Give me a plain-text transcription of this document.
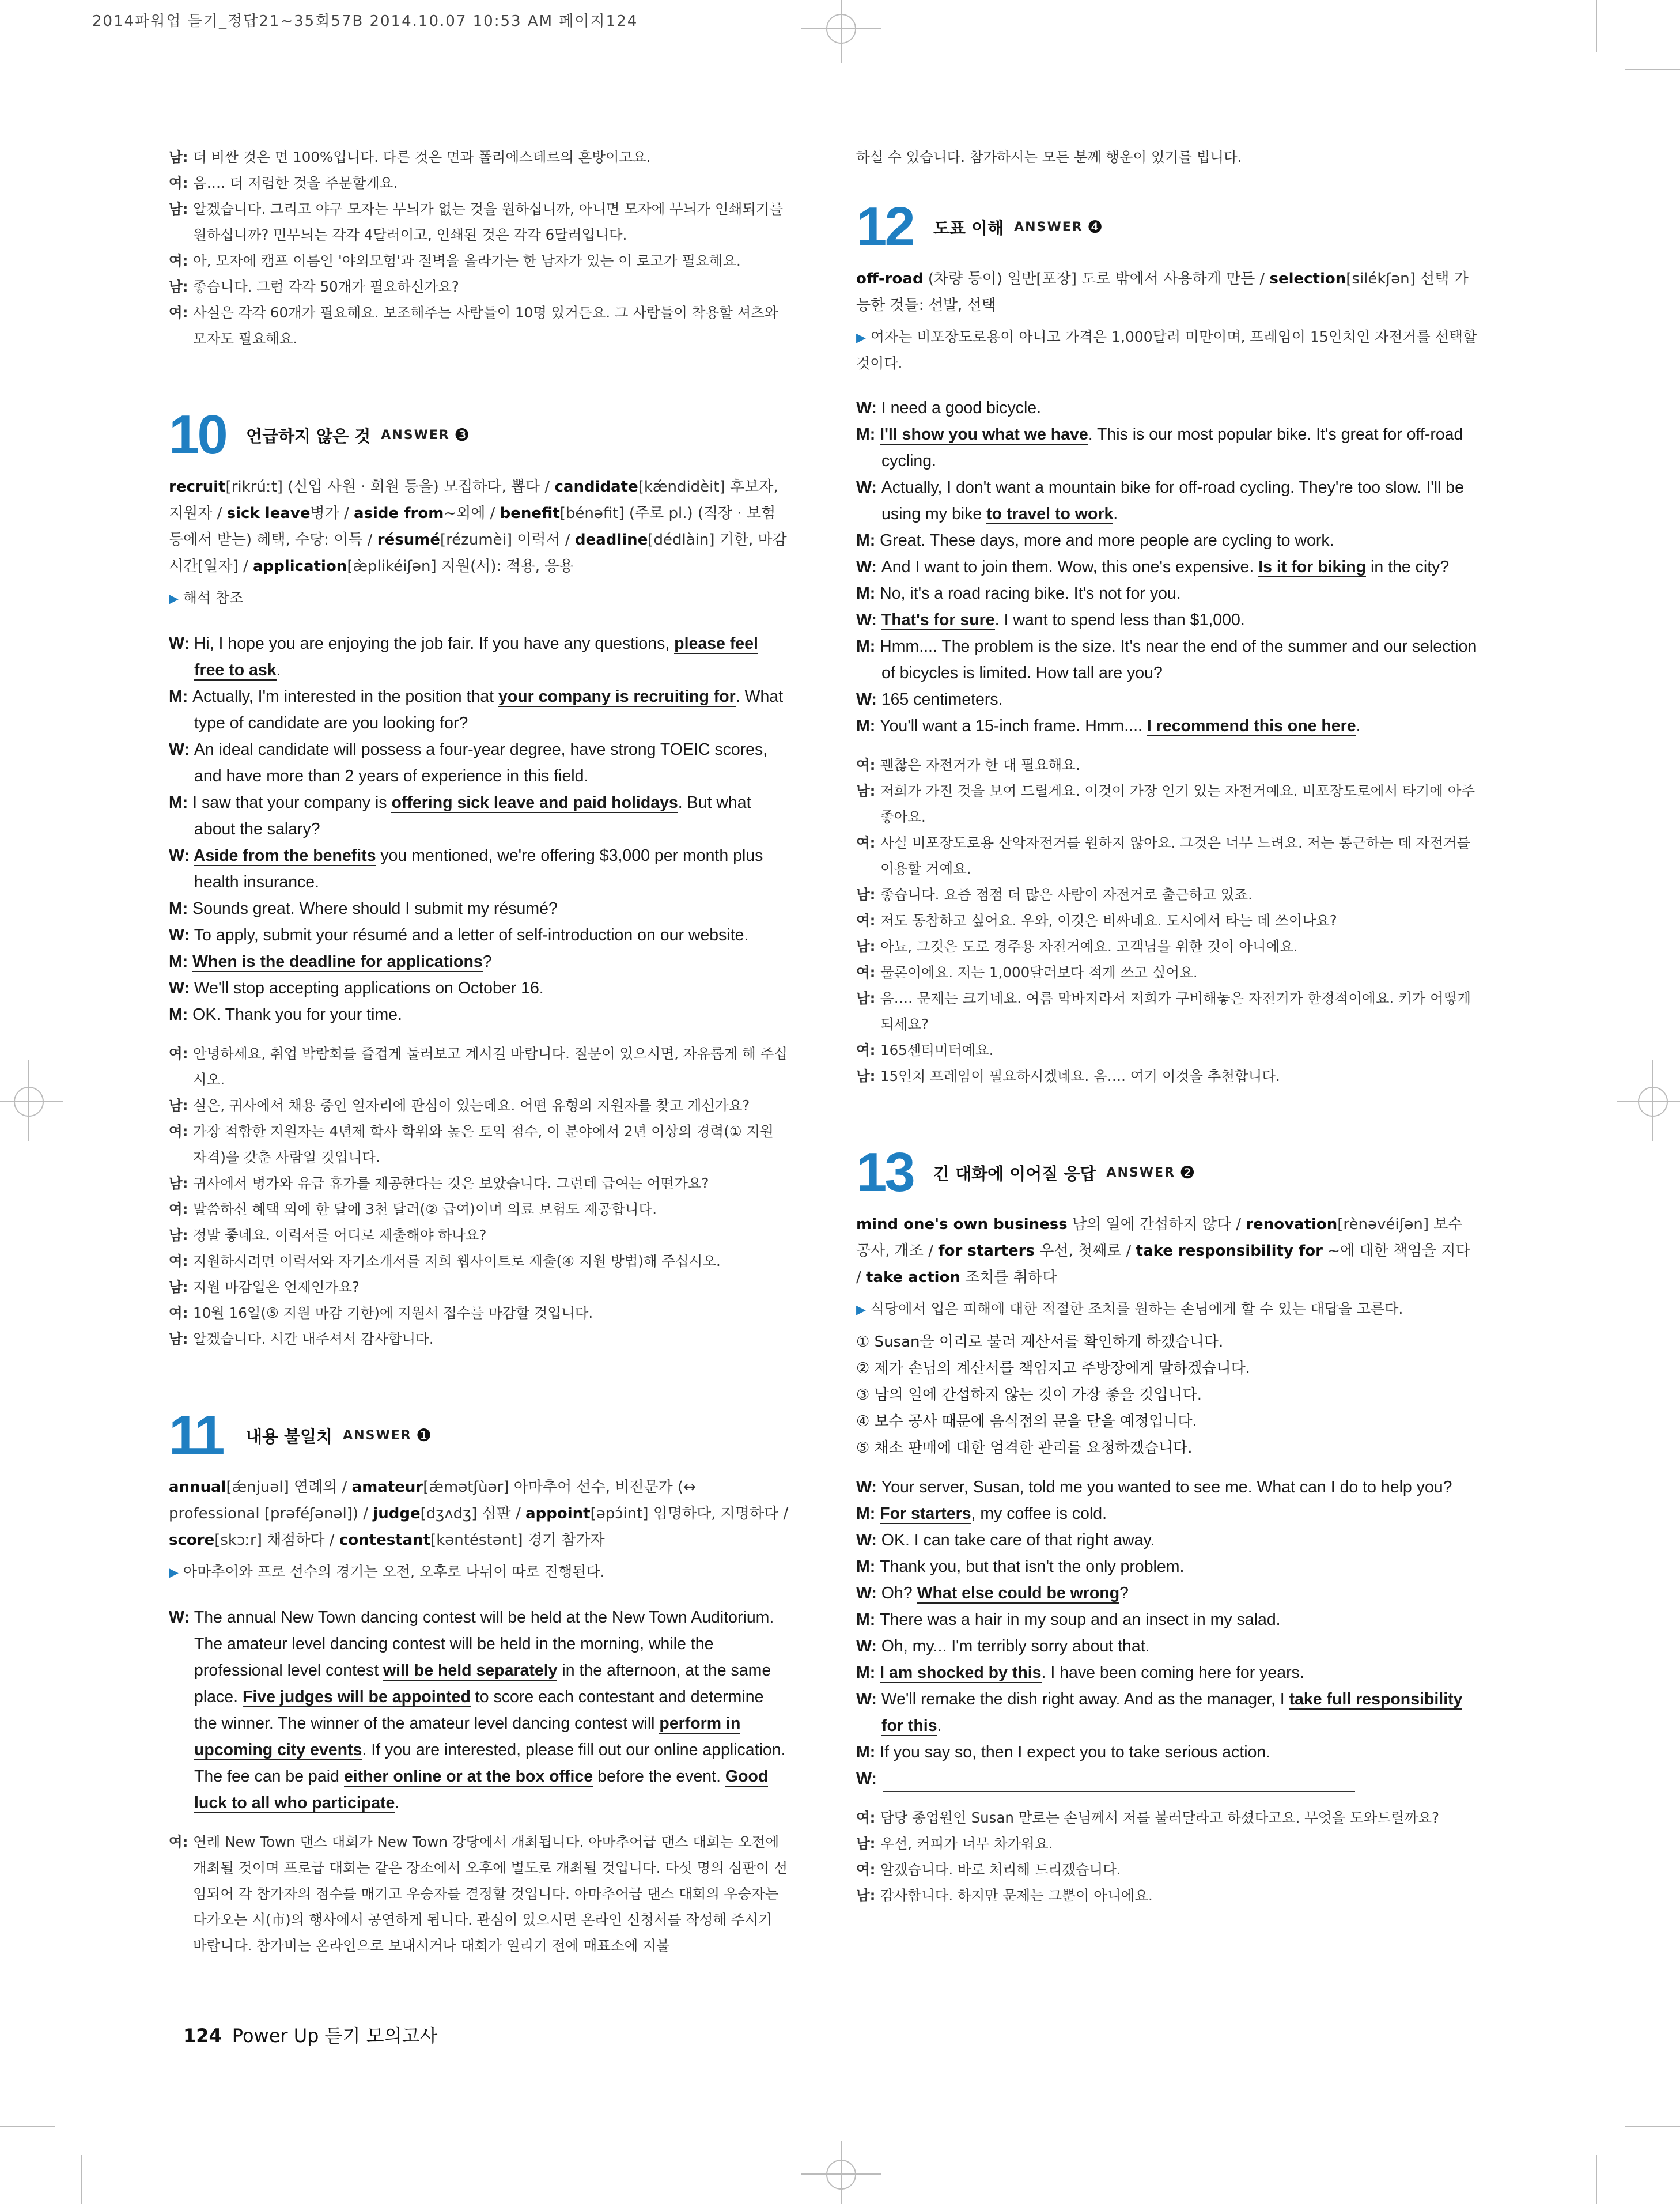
2014파워업 듣기_정답21~35회57B 2014.10.07 10:53 AM 페이지124
남: 더 비싼 것은 면 100%입니다. 다른 것은 면과 폴리에스테르의 혼방이고요.
여: 음…. 더 저렴한 것을 주문할게요.
남: 알겠습니다. 그리고 야구 모자는 무늬가 없는 것을 원하십니까, 아니면 모자에 무늬가 인쇄되기를 원하십니까? 민무늬는 각각 4달러이고, 인쇄된 것은 각각 6달러입니다.
여: 아, 모자에 캠프 이름인 '야외모험'과 절벽을 올라가는 한 남자가 있는 이 로고가 필요해요.
남: 좋습니다. 그럼 각각 50개가 필요하신가요?
여: 사실은 각각 60개가 필요해요. 보조해주는 사람들이 10명 있거든요. 그 사람들이 착용할 셔츠와 모자도 필요해요.
10	언급하지 않은 것 ANSWER ❸
recruit[rikrúːt] (신입 사원 · 회원 등을) 모집하다, 뽑다 / candidate[kǽndidèit] 후보자, 지원자 / sick leave병가 / aside from~외에 / benefit[bénəfit] (주로 pl.) (직장 · 보험 등에서 받는) 혜택, 수당: 이득 / résumé[rézumèi] 이력서 / deadline[dédlàin] 기한, 마감 시간[일자] / application[æ̀plikéiʃən] 지원(서): 적용, 응용
▶ 해석 참조
W: Hi, I hope you are enjoying the job fair. If you have any questions, please feel free to ask.
M: Actually, I'm interested in the position that your company is recruiting for. What type of candidate are you looking for?
W: An ideal candidate will possess a four-year degree, have strong TOEIC scores, and have more than 2 years of experience in this field.
M: I saw that your company is offering sick leave and paid holidays. But what about the salary?
W: Aside from the benefits you mentioned, we're offering $3,000 per month plus health insurance.
M: Sounds great. Where should I submit my résumé?
W: To apply, submit your résumé and a letter of self-introduction on our website.
M: When is the deadline for applications?
W: We'll stop accepting applications on October 16.
M: OK. Thank you for your time.
여: 안녕하세요, 취업 박람회를 즐겁게 둘러보고 계시길 바랍니다. 질문이 있으시면, 자유롭게 해 주십시오.
남: 실은, 귀사에서 채용 중인 일자리에 관심이 있는데요. 어떤 유형의 지원자를 찾고 계신가요?
여: 가장 적합한 지원자는 4년제 학사 학위와 높은 토익 점수, 이 분야에서 2년 이상의 경력(① 지원 자격)을 갖춘 사람일 것입니다.
남: 귀사에서 병가와 유급 휴가를 제공한다는 것은 보았습니다. 그런데 급여는 어떤가요?
여: 말씀하신 혜택 외에 한 달에 3천 달러(② 급여)이며 의료 보험도 제공합니다.
남: 정말 좋네요. 이력서를 어디로 제출해야 하나요?
여: 지원하시려면 이력서와 자기소개서를 저희 웹사이트로 제출(④ 지원 방법)해 주십시오.
남: 지원 마감일은 언제인가요?
여: 10월 16일(⑤ 지원 마감 기한)에 지원서 접수를 마감할 것입니다.
남: 알겠습니다. 시간 내주셔서 감사합니다.
11	내용 불일치 ANSWER ❶
annual[ǽnjuəl] 연례의 / amateur[ǽmətʃùər] 아마추어 선수, 비전문가 (↔ professional [prəféʃənəl]) / judge[dʒʌdʒ] 심판 / appoint[əpɔ́int] 임명하다, 지명하다 / score[skɔːr] 채점하다 / contestant[kəntéstənt] 경기 참가자
▶ 아마추어와 프로 선수의 경기는 오전, 오후로 나뉘어 따로 진행된다.
W: The annual New Town dancing contest will be held at the New Town Auditorium. The amateur level dancing contest will be held in the morning, while the professional level contest will be held separately in the afternoon, at the same place. Five judges will be appointed to score each contestant and determine the winner. The winner of the amateur level dancing contest will perform in upcoming city events. If you are interested, please fill out our online application. The fee can be paid either online or at the box office before the event. Good luck to all who participate.
여: 연례 New Town 댄스 대회가 New Town 강당에서 개최됩니다. 아마추어급 댄스 대회는 오전에 개최될 것이며 프로급 대회는 같은 장소에서 오후에 별도로 개최될 것입니다. 다섯 명의 심판이 선임되어 각 참가자의 점수를 매기고 우승자를 결정할 것입니다. 아마추어급 댄스 대회의 우승자는 다가오는 시(市)의 행사에서 공연하게 됩니다. 관심이 있으시면 온라인 신청서를 작성해 주시기 바랍니다. 참가비는 온라인으로 보내시거나 대회가 열리기 전에 매표소에 지불
하실 수 있습니다. 참가하시는 모든 분께 행운이 있기를 빕니다.
12	도표 이해 ANSWER ❹
off-road (차량 등이) 일반[포장] 도로 밖에서 사용하게 만든 / selection[silékʃən] 선택 가능한 것들: 선발, 선택
▶ 여자는 비포장도로용이 아니고 가격은 1,000달러 미만이며, 프레임이 15인치인 자전거를 선택할 것이다.
W: I need a good bicycle.
M: I'll show you what we have. This is our most popular bike. It's great for off-road cycling.
W: Actually, I don't want a mountain bike for off-road cycling. They're too slow. I'll be using my bike to travel to work.
M: Great. These days, more and more people are cycling to work.
W: And I want to join them. Wow, this one's expensive. Is it for biking in the city?
M: No, it's a road racing bike. It's not for you.
W: That's for sure. I want to spend less than $1,000.
M: Hmm.... The problem is the size. It's near the end of the summer and our selection of bicycles is limited. How tall are you?
W: 165 centimeters.
M: You'll want a 15-inch frame. Hmm.... I recommend this one here.
여: 괜찮은 자전거가 한 대 필요해요.
남: 저희가 가진 것을 보여 드릴게요. 이것이 가장 인기 있는 자전거예요. 비포장도로에서 타기에 아주 좋아요.
여: 사실 비포장도로용 산악자전거를 원하지 않아요. 그것은 너무 느려요. 저는 통근하는 데 자전거를 이용할 거예요.
남: 좋습니다. 요즘 점점 더 많은 사람이 자전거로 출근하고 있죠.
여: 저도 동참하고 싶어요. 우와, 이것은 비싸네요. 도시에서 타는 데 쓰이나요?
남: 아뇨, 그것은 도로 경주용 자전거예요. 고객님을 위한 것이 아니에요.
여: 물론이에요. 저는 1,000달러보다 적게 쓰고 싶어요.
남: 음…. 문제는 크기네요. 여름 막바지라서 저희가 구비해놓은 자전거가 한정적이에요. 키가 어떻게 되세요?
여: 165센티미터예요.
남: 15인치 프레임이 필요하시겠네요. 음…. 여기 이것을 추천합니다.
13	긴 대화에 이어질 응답 ANSWER ❷
mind one's own business 남의 일에 간섭하지 않다 / renovation[rènəvéiʃən] 보수 공사, 개조 / for starters 우선, 첫째로 / take responsibility for ~에 대한 책임을 지다 / take action 조치를 취하다
▶ 식당에서 입은 피해에 대한 적절한 조치를 원하는 손님에게 할 수 있는 대답을 고른다.
① Susan을 이리로 불러 계산서를 확인하게 하겠습니다.
② 제가 손님의 계산서를 책임지고 주방장에게 말하겠습니다.
③ 남의 일에 간섭하지 않는 것이 가장 좋을 것입니다.
④ 보수 공사 때문에 음식점의 문을 닫을 예정입니다.
⑤ 채소 판매에 대한 엄격한 관리를 요청하겠습니다.
W: Your server, Susan, told me you wanted to see me. What can I do to help you?
M: For starters, my coffee is cold.
W: OK. I can take care of that right away.
M: Thank you, but that isn't the only problem.
W: Oh? What else could be wrong?
M: There was a hair in my soup and an insect in my salad.
W: Oh, my... I'm terribly sorry about that.
M: I am shocked by this. I have been coming here for years.
W: We'll remake the dish right away. And as the manager, I take full responsibility for this.
M: If you say so, then I expect you to take serious action.
W:
여: 담당 종업원인 Susan 말로는 손님께서 저를 불러달라고 하셨다고요. 무엇을 도와드릴까요?
남: 우선, 커피가 너무 차가워요.
여: 알겠습니다. 바로 처리해 드리겠습니다.
남: 감사합니다. 하지만 문제는 그뿐이 아니에요.
124 Power Up 듣기 모의고사
